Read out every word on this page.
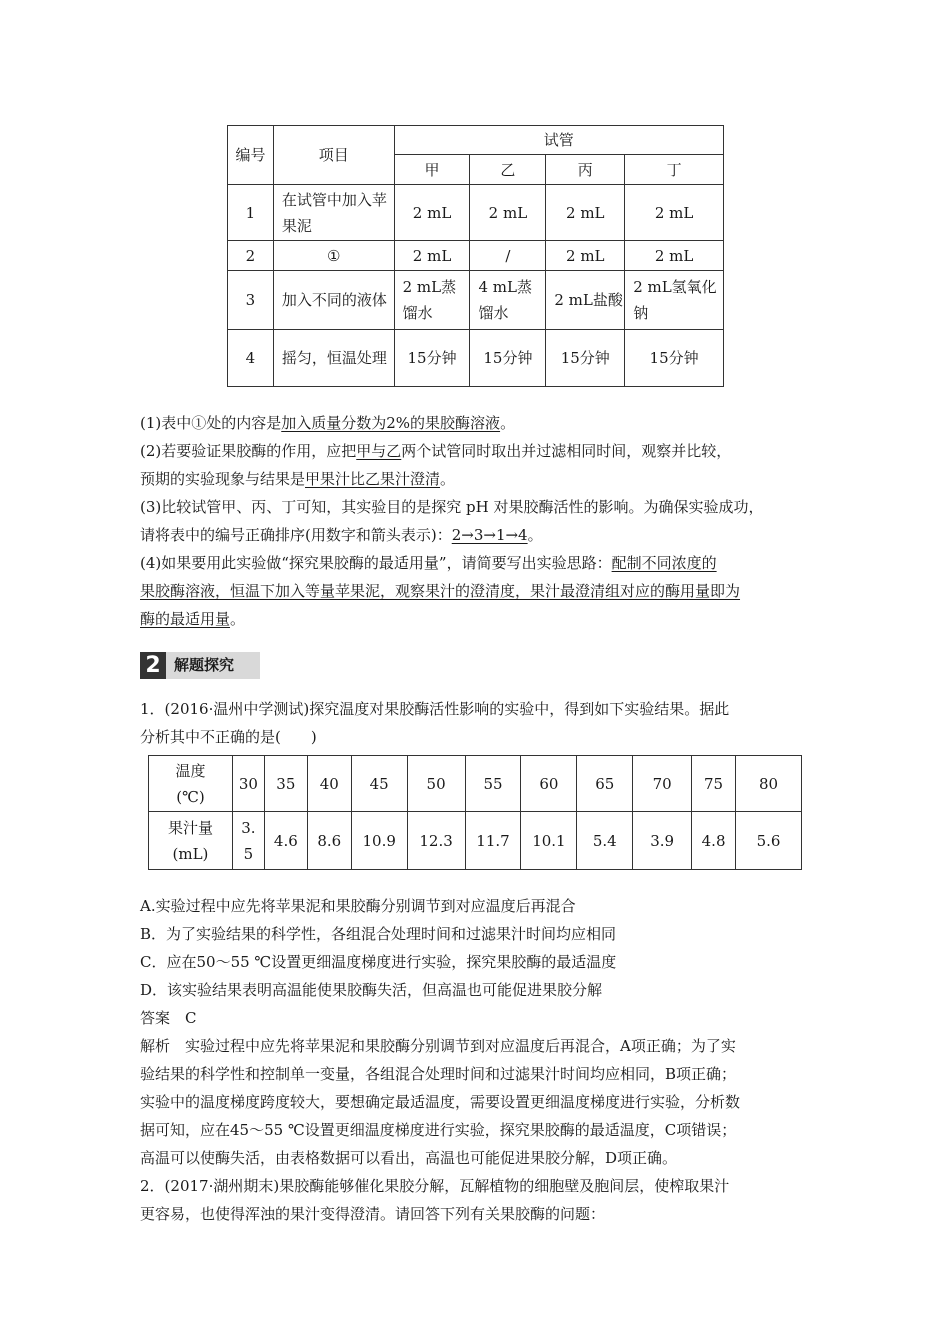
编号	项目	试管			
		甲	乙	丙	丁
1	在试管中加入苹果泥	2 mL	2 mL	2 mL	2 mL
2	①	2 mL	/	2 mL	2 mL
3	加入不同的液体	2 mL蒸馏水	4 mL蒸馏水	2 mL盐酸	2 mL氢氧化钠
4	摇匀，恒温处理	15分钟	15分钟	15分钟	15分钟
(1)表中①处的内容是加入质量分数为2%的果胶酶溶液。
(2)若要验证果胶酶的作用，应把甲与乙两个试管同时取出并过滤相同时间，观察并比较，
预期的实验现象与结果是甲果汁比乙果汁澄清。
(3)比较试管甲、丙、丁可知，其实验目的是探究 pH 对果胶酶活性的影响。为确保实验成功，
请将表中的编号正确排序(用数字和箭头表示)：2→3→1→4。
(4)如果要用此实验做“探究果胶酶的最适用量”，请简要写出实验思路：配制不同浓度的
果胶酶溶液，恒温下加入等量苹果泥，观察果汁的澄清度，果汁最澄清组对应的酶用量即为
酶的最适用量。
2 解题探究
1．(2016·温州中学测试)探究温度对果胶酶活性影响的实验中，得到如下实验结果。据此
分析其中不正确的是(　　)
温度(℃)	30	35	40	45	50	55	60	65	70	75	80
果汁量(mL)	3.5	4.6	8.6	10.9	12.3	11.7	10.1	5.4	3.9	4.8	5.6
A.实验过程中应先将苹果泥和果胶酶分别调节到对应温度后再混合
B．为了实验结果的科学性，各组混合处理时间和过滤果汁时间均应相同
C．应在50～55 ℃设置更细温度梯度进行实验，探究果胶酶的最适温度
D．该实验结果表明高温能使果胶酶失活，但高温也可能促进果胶分解
答案　C
解析　实验过程中应先将苹果泥和果胶酶分别调节到对应温度后再混合，A项正确；为了实
验结果的科学性和控制单一变量，各组混合处理时间和过滤果汁时间均应相同，B项正确；
实验中的温度梯度跨度较大，要想确定最适温度，需要设置更细温度梯度进行实验，分析数
据可知，应在45～55 ℃设置更细温度梯度进行实验，探究果胶酶的最适温度，C项错误；
高温可以使酶失活，由表格数据可以看出，高温也可能促进果胶分解，D项正确。
2．(2017·湖州期末)果胶酶能够催化果胶分解，瓦解植物的细胞壁及胞间层，使榨取果汁
更容易，也使得浑浊的果汁变得澄清。请回答下列有关果胶酶的问题：
